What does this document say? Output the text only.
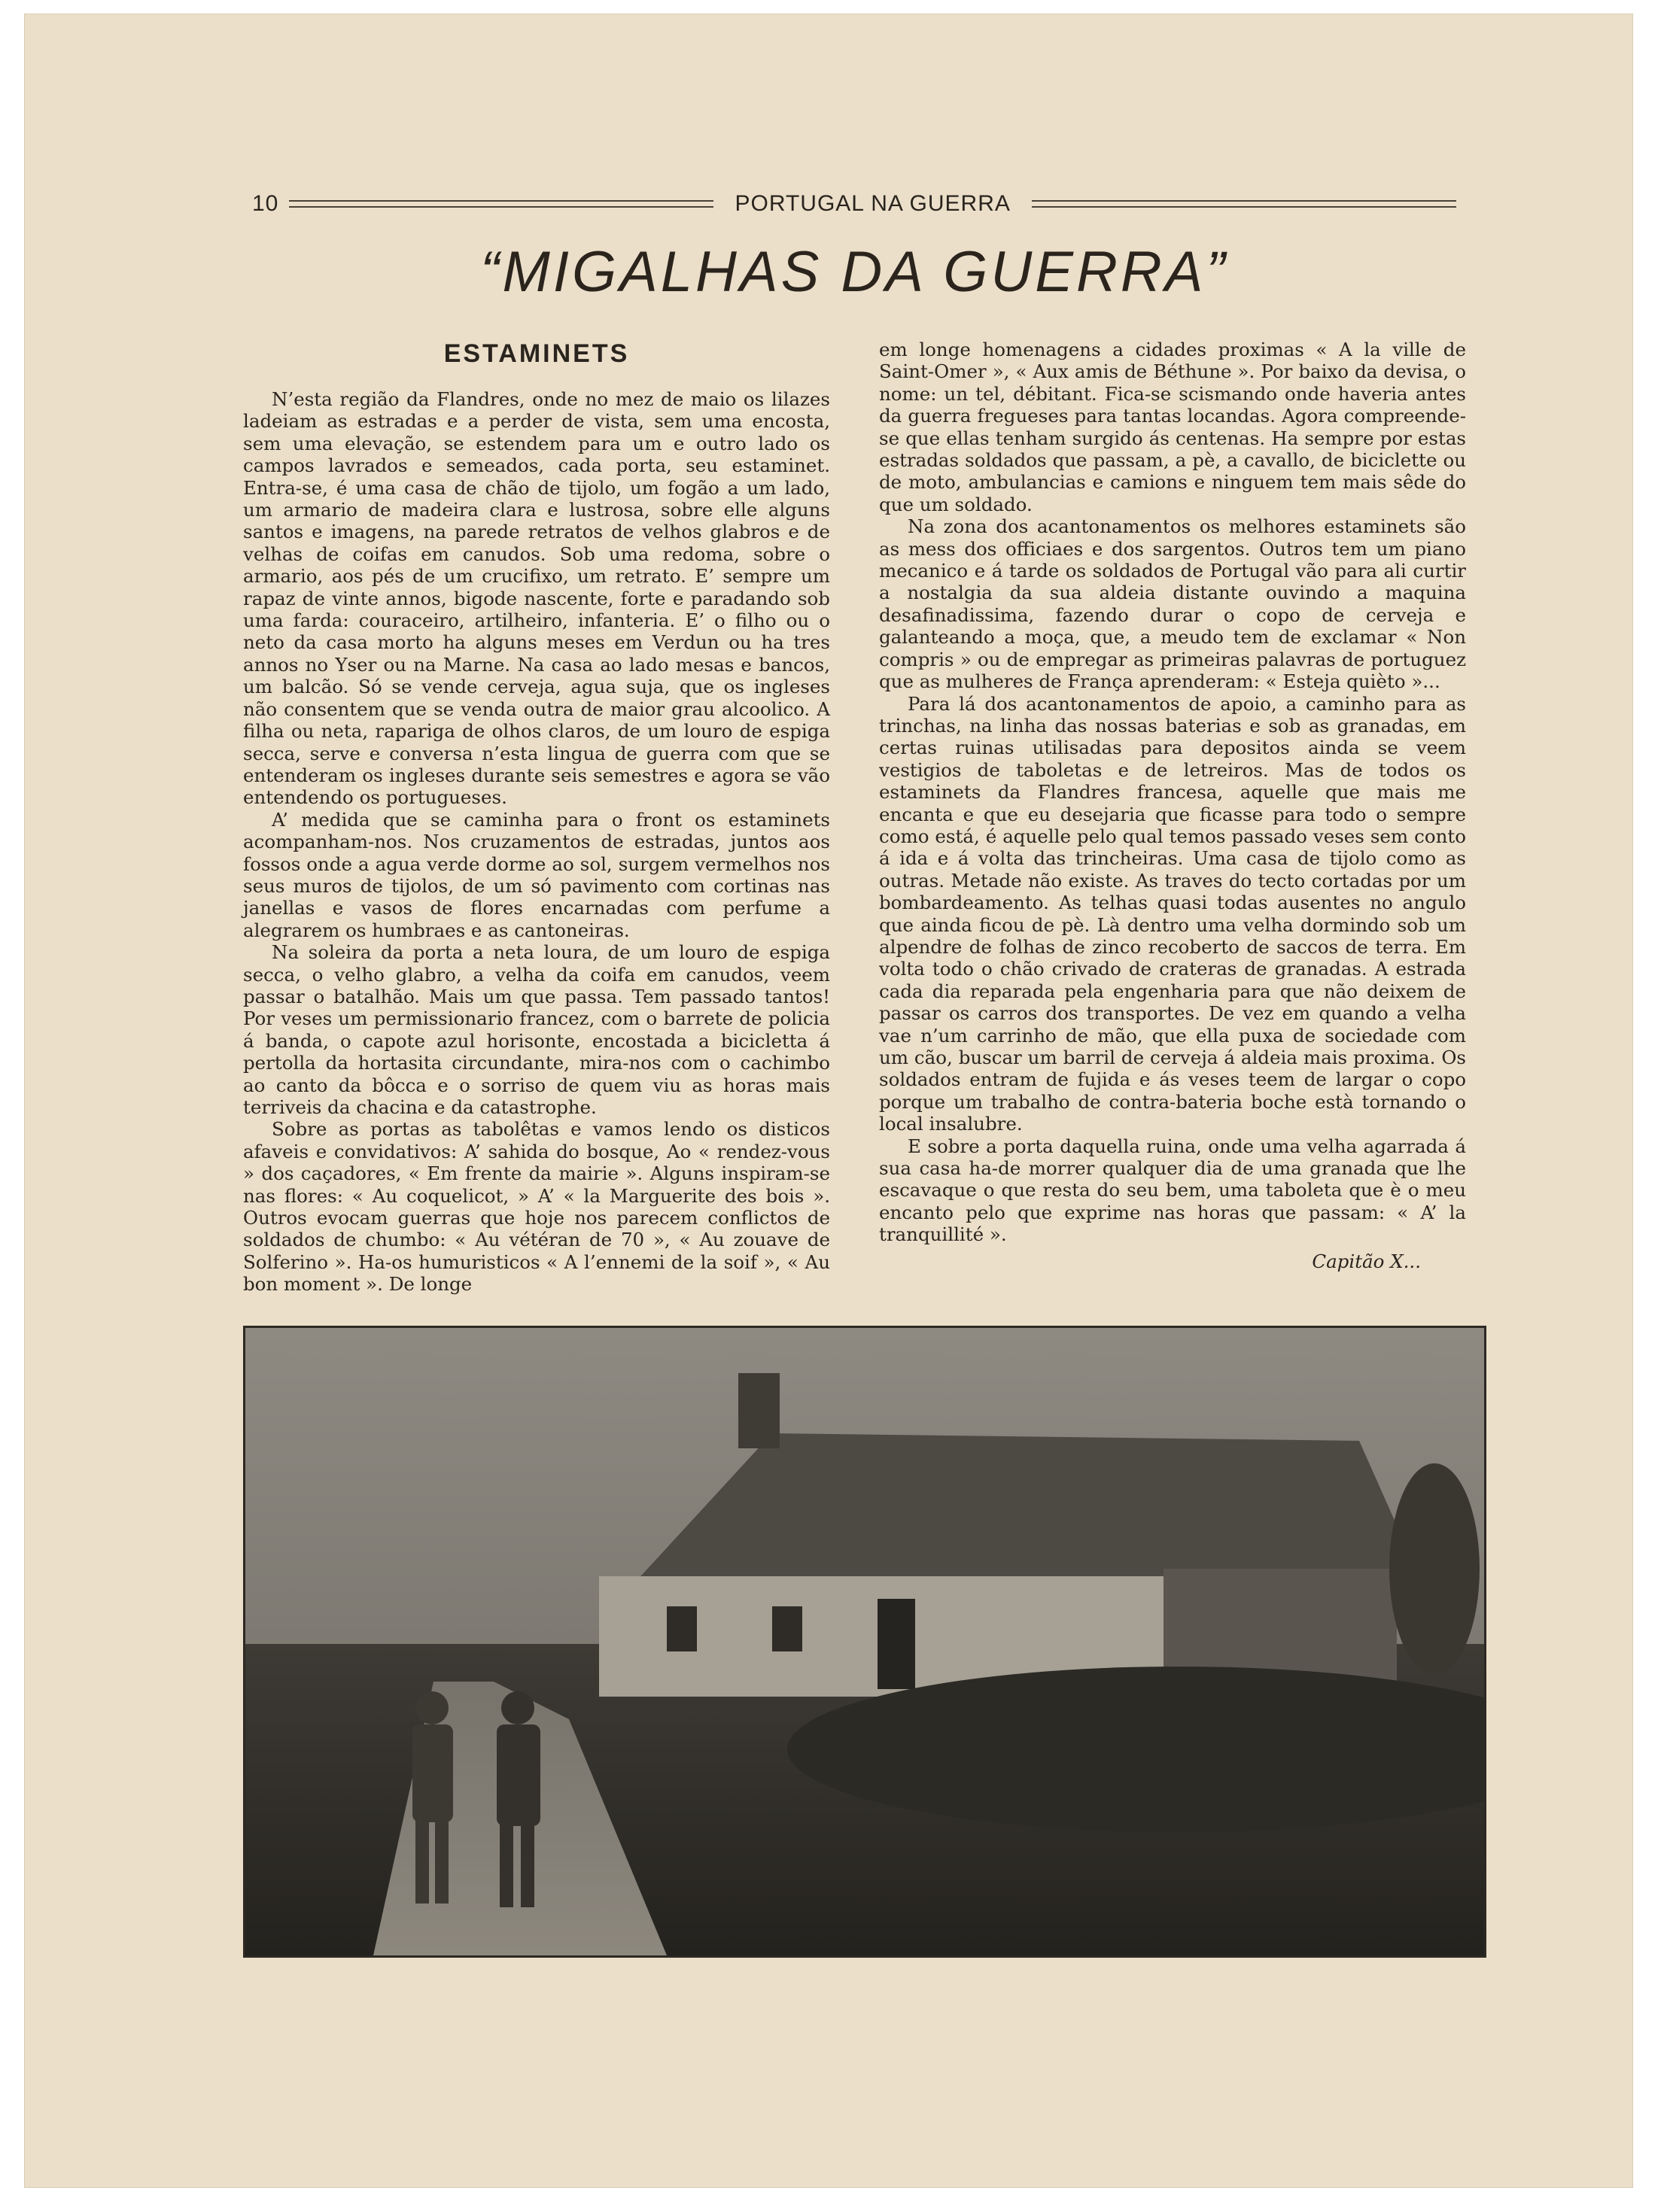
10	PORTUGAL NA GUERRA
“MIGALHAS DA GUERRA”
ESTAMINETS

N’esta região da Flandres, onde no mez de maio os lilazes ladeiam as estradas e a perder de vista, sem uma encosta, sem uma elevação, se estendem para um e outro lado os campos lavrados e semeados, cada porta, seu estaminet. Entra-se, é uma casa de chão de tijolo, um fogão a um lado, um armario de madeira clara e lustrosa, sobre elle alguns santos e imagens, na parede retratos de velhos glabros e de velhas de coifas em canudos. Sob uma redoma, sobre o armario, aos pés de um crucifixo, um retrato. E’ sempre um rapaz de vinte annos, bigode nascente, forte e paradando sob uma farda: couraceiro, artilheiro, infanteria. E’ o filho ou o neto da casa morto ha alguns meses em Verdun ou ha tres annos no Yser ou na Marne. Na casa ao lado mesas e bancos, um balcão. Só se vende cerveja, agua suja, que os ingleses não consentem que se venda outra de maior grau alcoolico. A filha ou neta, rapariga de olhos claros, de um louro de espiga secca, serve e conversa n’esta lingua de guerra com que se entenderam os ingleses durante seis semestres e agora se vão entendendo os portugueses.

A’ medida que se caminha para o front os estaminets acompanham-nos. Nos cruzamentos de estradas, juntos aos fossos onde a agua verde dorme ao sol, surgem vermelhos nos seus muros de tijolos, de um só pavimento com cortinas nas janellas e vasos de flores encarnadas com perfume a alegrarem os humbraes e as cantoneiras.

Na soleira da porta a neta loura, de um louro de espiga secca, o velho glabro, a velha da coifa em canudos, veem passar o batalhão. Mais um que passa. Tem passado tantos! Por veses um permissionario francez, com o barrete de policia á banda, o capote azul horisonte, encostada a bicicletta á pertolla da hortasita circundante, mira-nos com o cachimbo ao canto da bôcca e o sorriso de quem viu as horas mais terriveis da chacina e da catastrophe.

Sobre as portas as tabolêtas e vamos lendo os disticos afaveis e convidativos: A’ sahida do bosque, Ao « rendez-vous » dos caçadores, « Em frente da mairie ». Alguns inspiram-se nas flores: « Au coquelicot, » A’ « la Marguerite des bois ». Outros evocam guerras que hoje nos parecem conflictos de soldados de chumbo: « Au vétéran de 70 », « Au zouave de Solferino ». Ha-os humuristicos « A l’ennemi de la soif », « Au bon moment ». De longe

em longe homenagens a cidades proximas « A la ville de Saint-Omer », « Aux amis de Béthune ». Por baixo da devisa, o nome: un tel, débitant. Fica-se scismando onde haveria antes da guerra fregueses para tantas locandas. Agora compreende-se que ellas tenham surgido ás centenas. Ha sempre por estas estradas soldados que passam, a pè, a cavallo, de biciclette ou de moto, ambulancias e camions e ninguem tem mais sêde do que um soldado.

Na zona dos acantonamentos os melhores estaminets são as mess dos officiaes e dos sargentos. Outros tem um piano mecanico e á tarde os soldados de Portugal vão para ali curtir a nostalgia da sua aldeia distante ouvindo a maquina desafinadissima, fazendo durar o copo de cerveja e galanteando a moça, que, a meudo tem de exclamar « Non compris » ou de empregar as primeiras palavras de portuguez que as mulheres de França aprenderam: « Esteja quièto »...

Para lá dos acantonamentos de apoio, a caminho para as trinchas, na linha das nossas baterias e sob as granadas, em certas ruinas utilisadas para depositos ainda se veem vestigios de taboletas e de letreiros. Mas de todos os estaminets da Flandres francesa, aquelle que mais me encanta e que eu desejaria que ficasse para todo o sempre como está, é aquelle pelo qual temos passado veses sem conto á ida e á volta das trincheiras. Uma casa de tijolo como as outras. Metade não existe. As traves do tecto cortadas por um bombardeamento. As telhas quasi todas ausentes no angulo que ainda ficou de pè. Là dentro uma velha dormindo sob um alpendre de folhas de zinco recoberto de saccos de terra. Em volta todo o chão crivado de crateras de granadas. A estrada cada dia reparada pela engenharia para que não deixem de passar os carros dos transportes. De vez em quando a velha vae n’um carrinho de mão, que ella puxa de sociedade com um cão, buscar um barril de cerveja á aldeia mais proxima. Os soldados entram de fujida e ás veses teem de largar o copo porque um trabalho de contra-bateria boche està tornando o local insalubre.

E sobre a porta daquella ruina, onde uma velha agarrada á sua casa ha-de morrer qualquer dia de uma granada que lhe escavaque o que resta do seu bem, uma taboleta que è o meu encanto pelo que exprime nas horas que passam: « A’ la tranquillité ».

Capitão X...
